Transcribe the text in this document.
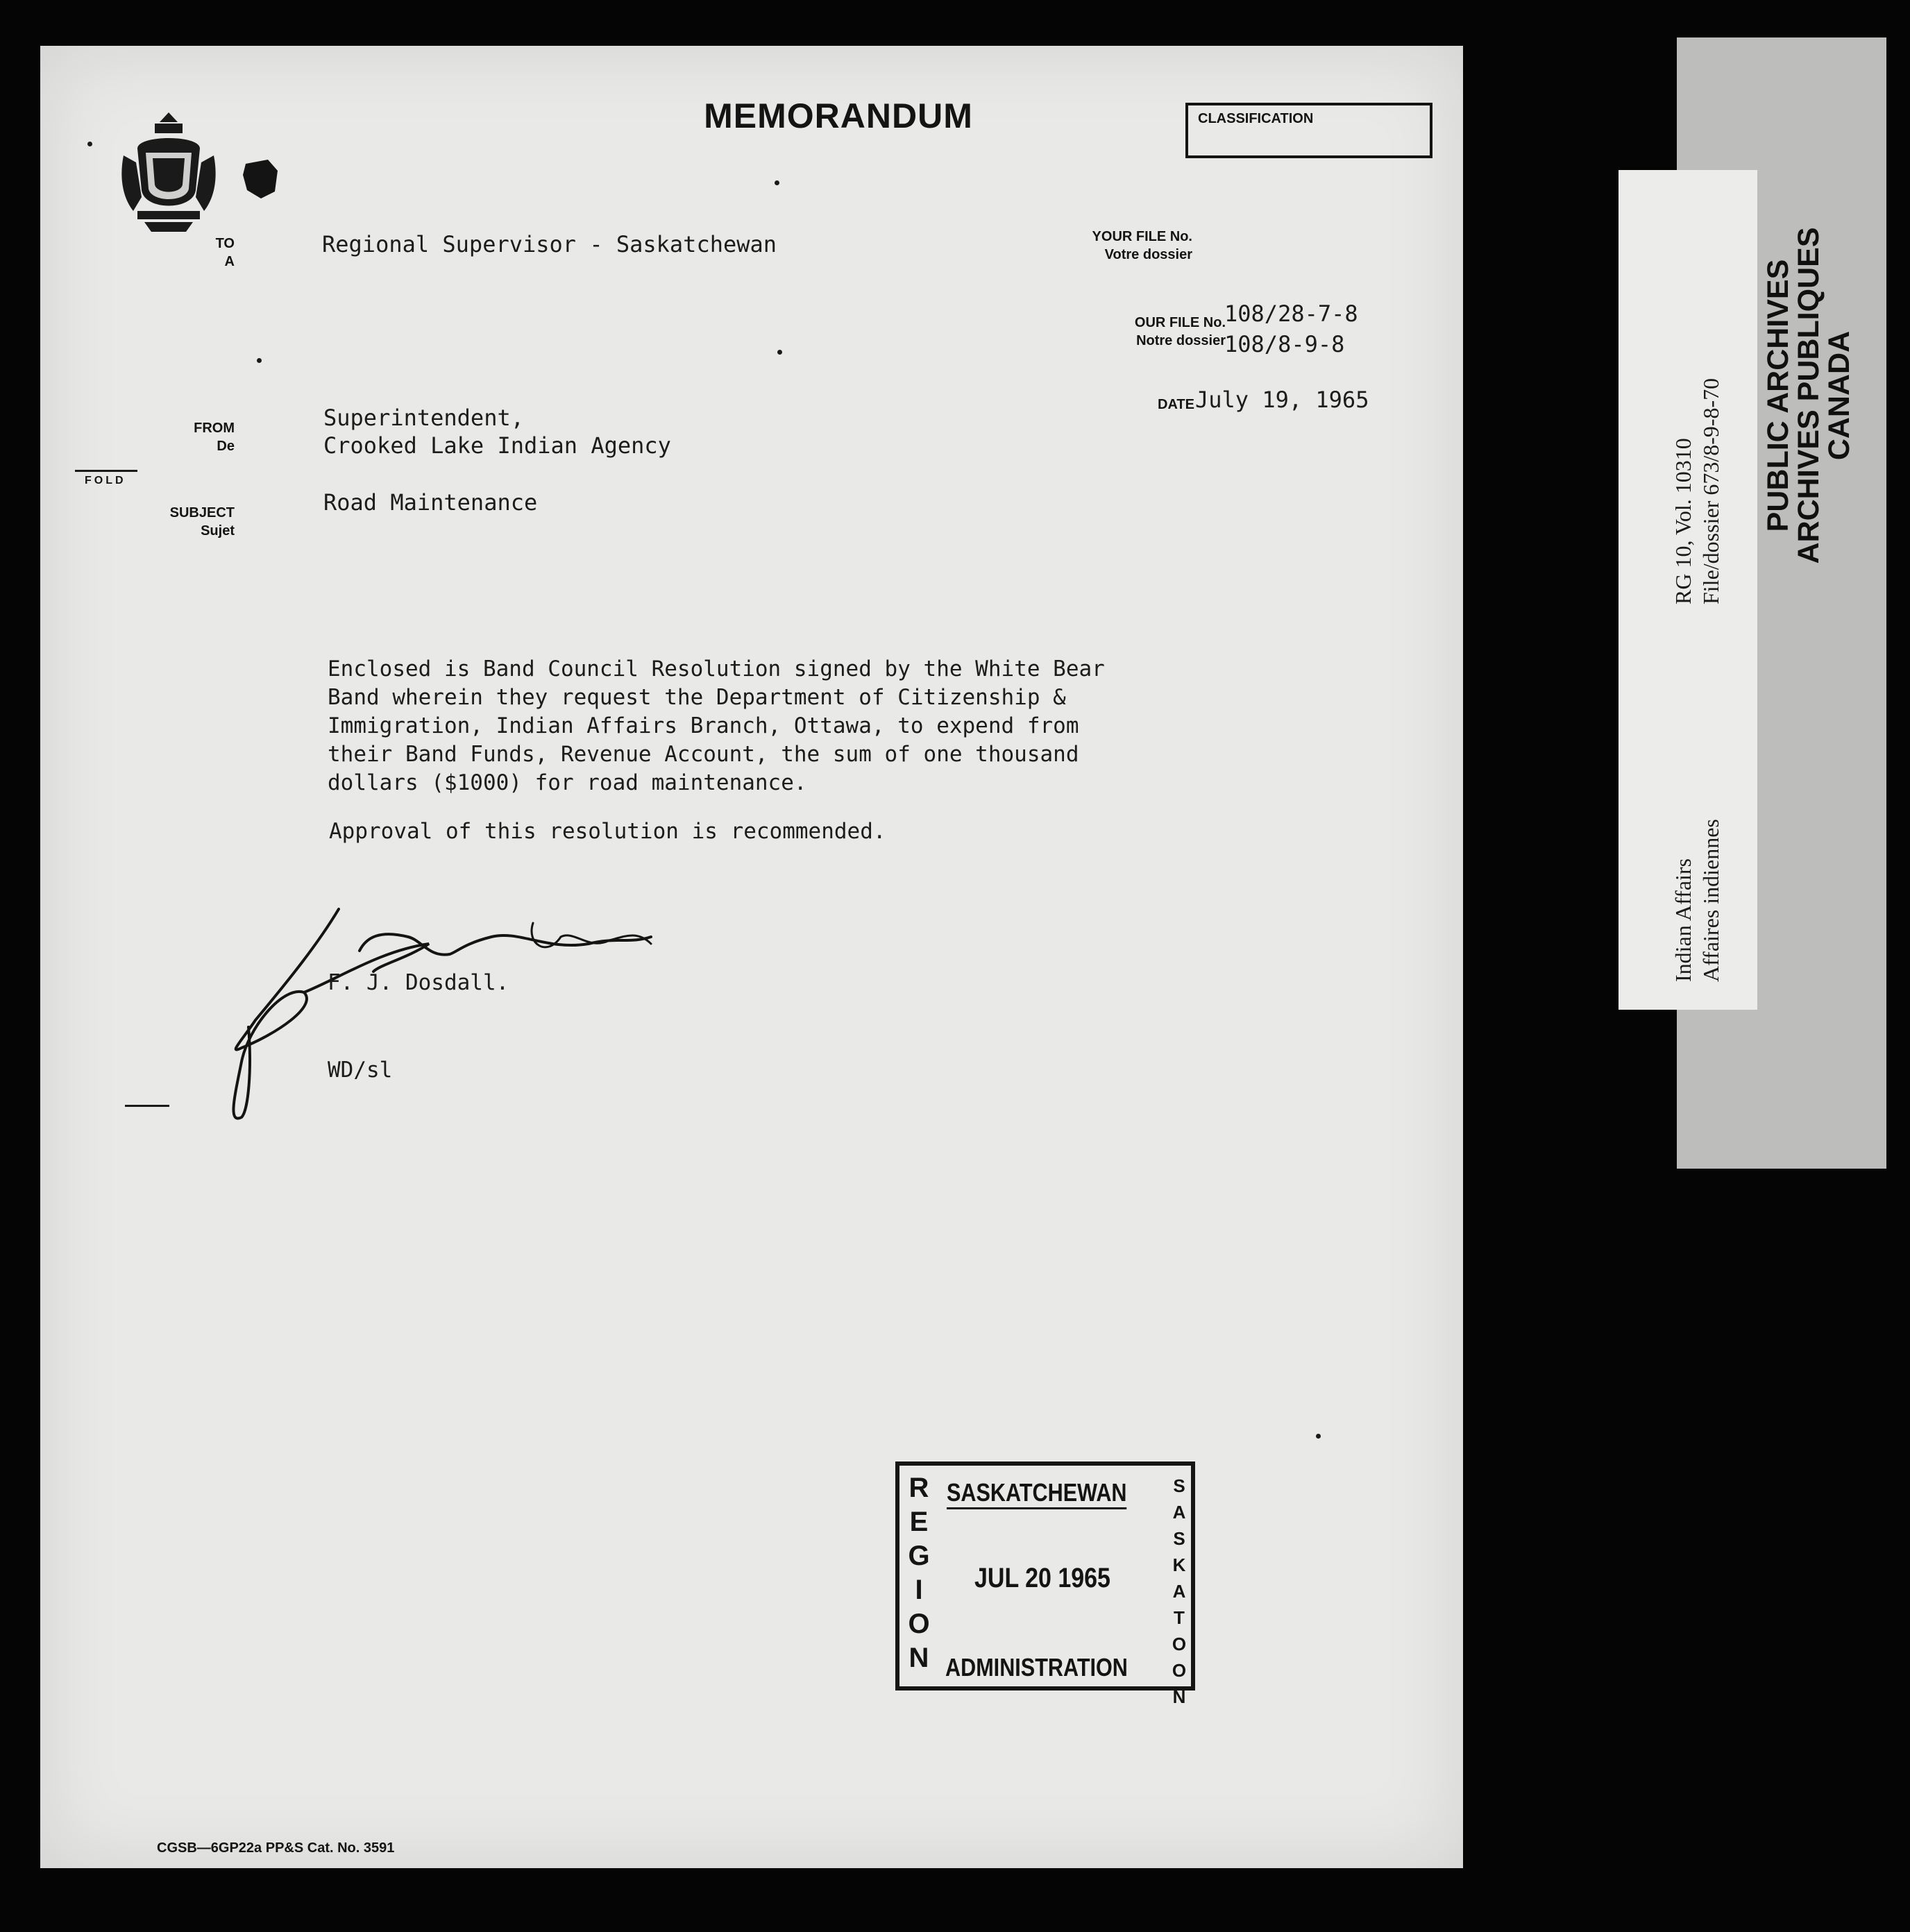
MEMORANDUM	CLASSIFICATION
TO
A
FROM
De
FOLD
SUBJECT
Sujet
YOUR FILE No.
Votre dossier
OUR FILE No.
Notre dossier
108/28-7-8
108/8-9-8
DATE July 19, 1965
Regional Supervisor - Saskatchewan
Superintendent,
Crooked Lake Indian Agency
Road Maintenance
Enclosed is Band Council Resolution signed by the White Bear
Band wherein they request the Department of Citizenship &
Immigration, Indian Affairs Branch, Ottawa, to expend from
their Band Funds, Revenue Account, the sum of one thousand
dollars ($1000) for road maintenance.
Approval of this resolution is recommended.
F. J. Dosdall.
WD/sl
R
E
G
I
O
N
S
A
S
K
A
T
O
O
N
SASKATCHEWAN
JUL 20 1965
ADMINISTRATION
CGSB—6GP22a PP&S Cat. No. 3591
Indian Affairs Affaires indiennes
RG 10, Vol. 10310 File/dossier 673/8-9-8-70 PUBLIC ARCHIVES
ARCHIVES PUBLIQUES
CANADA
